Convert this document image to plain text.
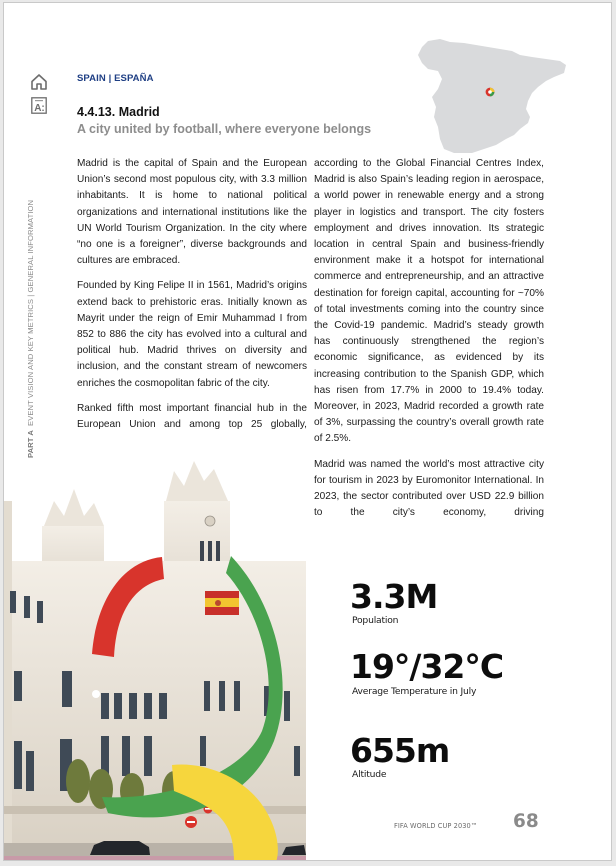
A:
PART AEVENT VISION AND KEY METRICS | GENERAL INFORMATION
SPAIN | ESPAÑA
4.4.13. Madrid
A city united by football, where everyone belongs

Madrid is the capital of Spain and the European Union’s second most populous city, with 3.3 million inhabitants. It is home to national political organizations and international institutions like the UN World Tourism Organization. In the city where “no one is a foreigner”, diverse backgrounds and cultures are embraced.

Founded by King Felipe II in 1561, Madrid’s origins extend back to prehistoric eras. Initially known as Mayrit under the reign of Emir Muhammad I from 852 to 886 the city has evolved into a cultural and political hub. Madrid thrives on diversity and inclusion, and the constant stream of newcomers enriches the cosmopolitan fabric of the city.

Ranked fifth most important financial hub in the European Union and among top 25 globally,

according to the Global Financial Centres Index, Madrid is also Spain’s leading region in aerospace, a world power in renewable energy and a strong player in logistics and transport. The city fosters employment and drives innovation. Its strategic location in central Spain and business-friendly environment make it a hotspot for international commerce and entrepreneurship, and an attractive destination for foreign capital, accounting for ~70% of total investments coming into the country since the Covid-19 pandemic. Madrid’s steady growth has continuously strengthened the region’s economic significance, as evidenced by its increasing contribution to the Spanish GDP, which has risen from 17.7% in 2000 to 19.4% today. Moreover, in 2023, Madrid recorded a growth rate of 3%, surpassing the country’s overall growth rate of 2.5%.

Madrid was named the world’s most attractive city for tourism in 2023 by Euromonitor International. In 2023, the sector contributed over USD 22.9 billion to the city’s economy, driving

3.3M
Population
19°/32°C
Average Temperature in July
655m
Altitude
FIFA WORLD CUP 2030™ 68
